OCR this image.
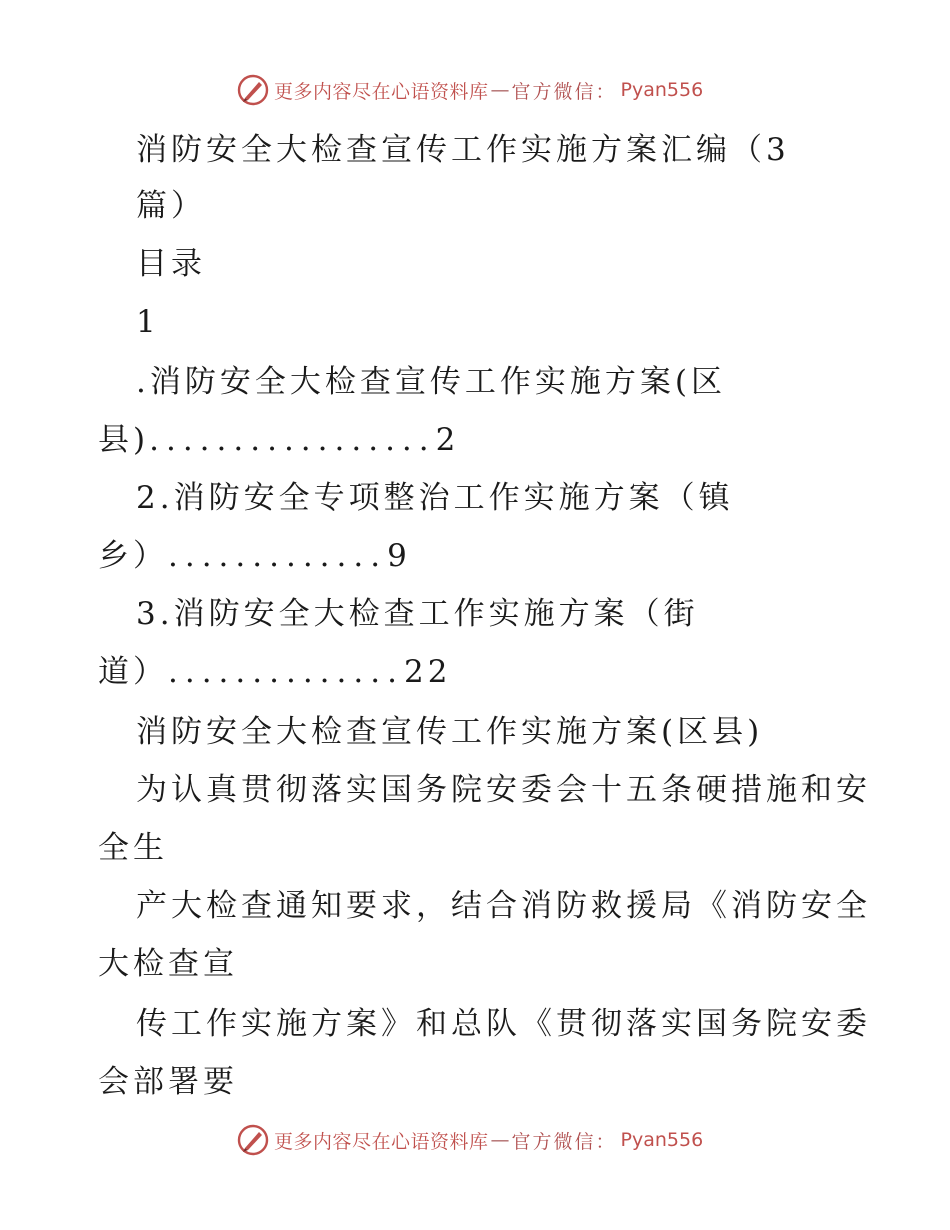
更多内容尽在心语资料库 — 官方微信： Pyan556
消防安全大检查宣传工作实施方案汇编（3
篇）
目录
1
.消防安全大检查宣传工作实施方案(区
县).................2
2.消防安全专项整治工作实施方案（镇
乡）.............9
3.消防安全大检查工作实施方案（街
道）..............22
消防安全大检查宣传工作实施方案(区县)
为认真贯彻落实国务院安委会十五条硬措施和安
全生
产大检查通知要求，结合消防救援局《消防安全
大检查宣
传工作实施方案》和总队《贯彻落实国务院安委
会部署要
更多内容尽在心语资料库 — 官方微信： Pyan556
